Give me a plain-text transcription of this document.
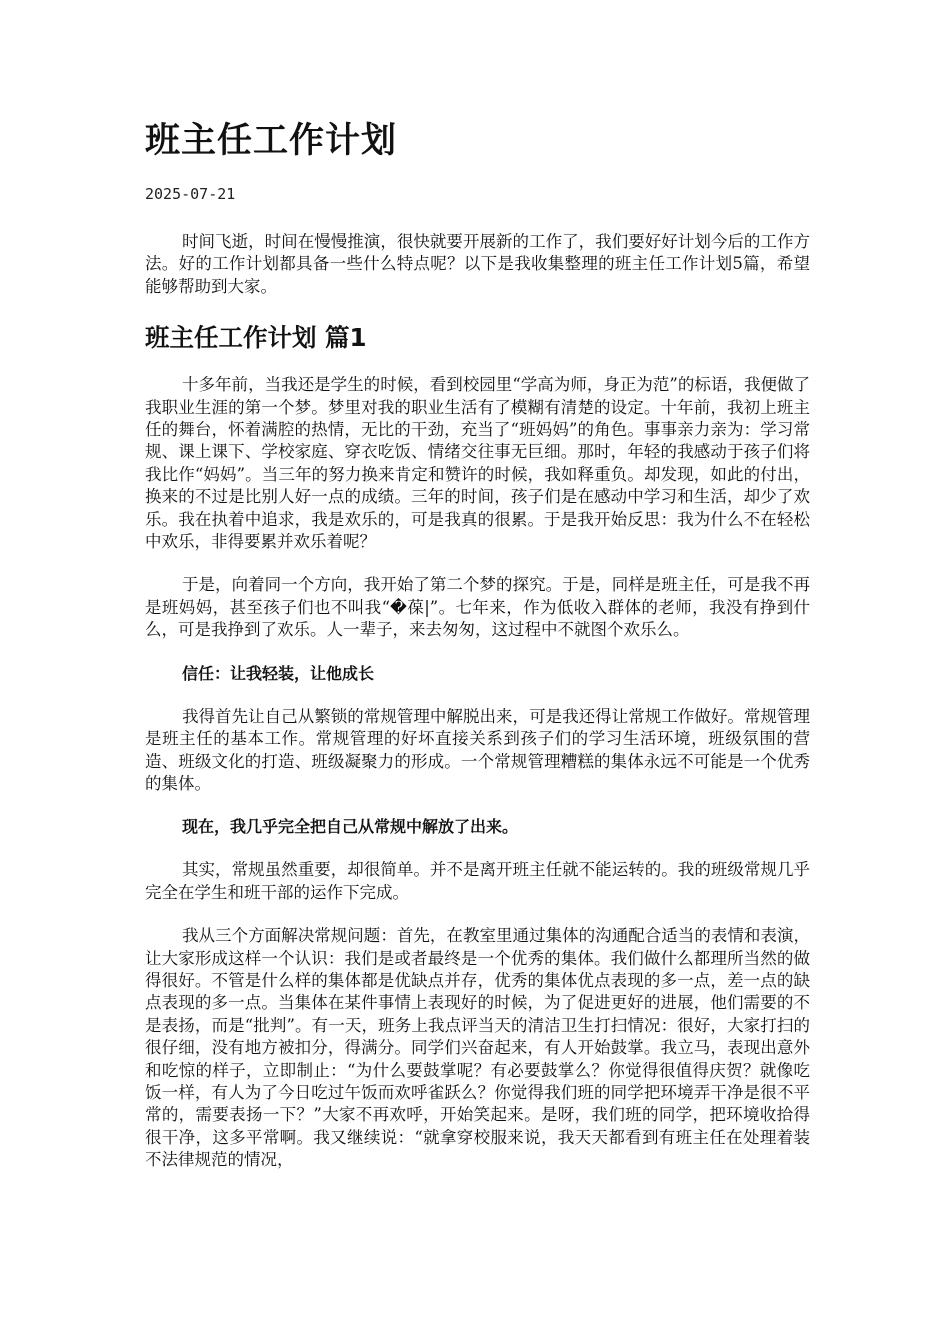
班主任工作计划
2025-07-21

时间飞逝，时间在慢慢推演，很快就要开展新的工作了，我们要好好计划今后的工作方法。好的工作计划都具备一些什么特点呢？以下是我收集整理的班主任工作计划5篇，希望能够帮助到大家。

班主任工作计划 篇1

十多年前，当我还是学生的时候，看到校园里“学高为师，身正为范”的标语，我便做了我职业生涯的第一个梦。梦里对我的职业生活有了模糊有清楚的设定。十年前，我初上班主任的舞台，怀着满腔的热情，无比的干劲，充当了“班妈妈”的角色。事事亲力亲为：学习常规、课上课下、学校家庭、穿衣吃饭、情绪交往事无巨细。那时，年轻的我感动于孩子们将我比作“妈妈”。当三年的努力换来肯定和赞许的时候，我如释重负。却发现，如此的付出，换来的不过是比别人好一点的成绩。三年的时间，孩子们是在感动中学习和生活，却少了欢乐。我在执着中追求，我是欢乐的，可是我真的很累。于是我开始反思：我为什么不在轻松中欢乐，非得要累并欢乐着呢？

于是，向着同一个方向，我开始了第二个梦的探究。于是，同样是班主任，可是我不再是班妈妈，甚至孩子们也不叫我“�葆|”。七年来，作为低收入群体的老师，我没有挣到什么，可是我挣到了欢乐。人一辈子，来去匆匆，这过程中不就图个欢乐么。

信任：让我轻装，让他成长

我得首先让自己从繁锁的常规管理中解脱出来，可是我还得让常规工作做好。常规管理是班主任的基本工作。常规管理的好坏直接关系到孩子们的学习生活环境，班级氛围的营造、班级文化的打造、班级凝聚力的形成。一个常规管理糟糕的集体永远不可能是一个优秀的集体。

现在，我几乎完全把自己从常规中解放了出来。

其实，常规虽然重要，却很简单。并不是离开班主任就不能运转的。我的班级常规几乎完全在学生和班干部的运作下完成。

我从三个方面解决常规问题：首先，在教室里通过集体的沟通配合适当的表情和表演，让大家形成这样一个认识：我们是或者最终是一个优秀的集体。我们做什么都理所当然的做得很好。不管是什么样的集体都是优缺点并存，优秀的集体优点表现的多一点，差一点的缺点表现的多一点。当集体在某件事情上表现好的时候，为了促进更好的进展，他们需要的不是表扬，而是“批判”。有一天，班务上我点评当天的清洁卫生打扫情况：很好，大家打扫的很仔细，没有地方被扣分，得满分。同学们兴奋起来，有人开始鼓掌。我立马，表现出意外和吃惊的样子，立即制止：“为什么要鼓掌呢？有必要鼓掌么？你觉得很值得庆贺？就像吃饭一样，有人为了今日吃过午饭而欢呼雀跃么？你觉得我们班的同学把环境弄干净是很不平常的，需要表扬一下？”大家不再欢呼，开始笑起来。是呀，我们班的同学，把环境收拾得很干净，这多平常啊。我又继续说：“就拿穿校服来说，我天天都看到有班主任在处理着装不法律规范的情况，
